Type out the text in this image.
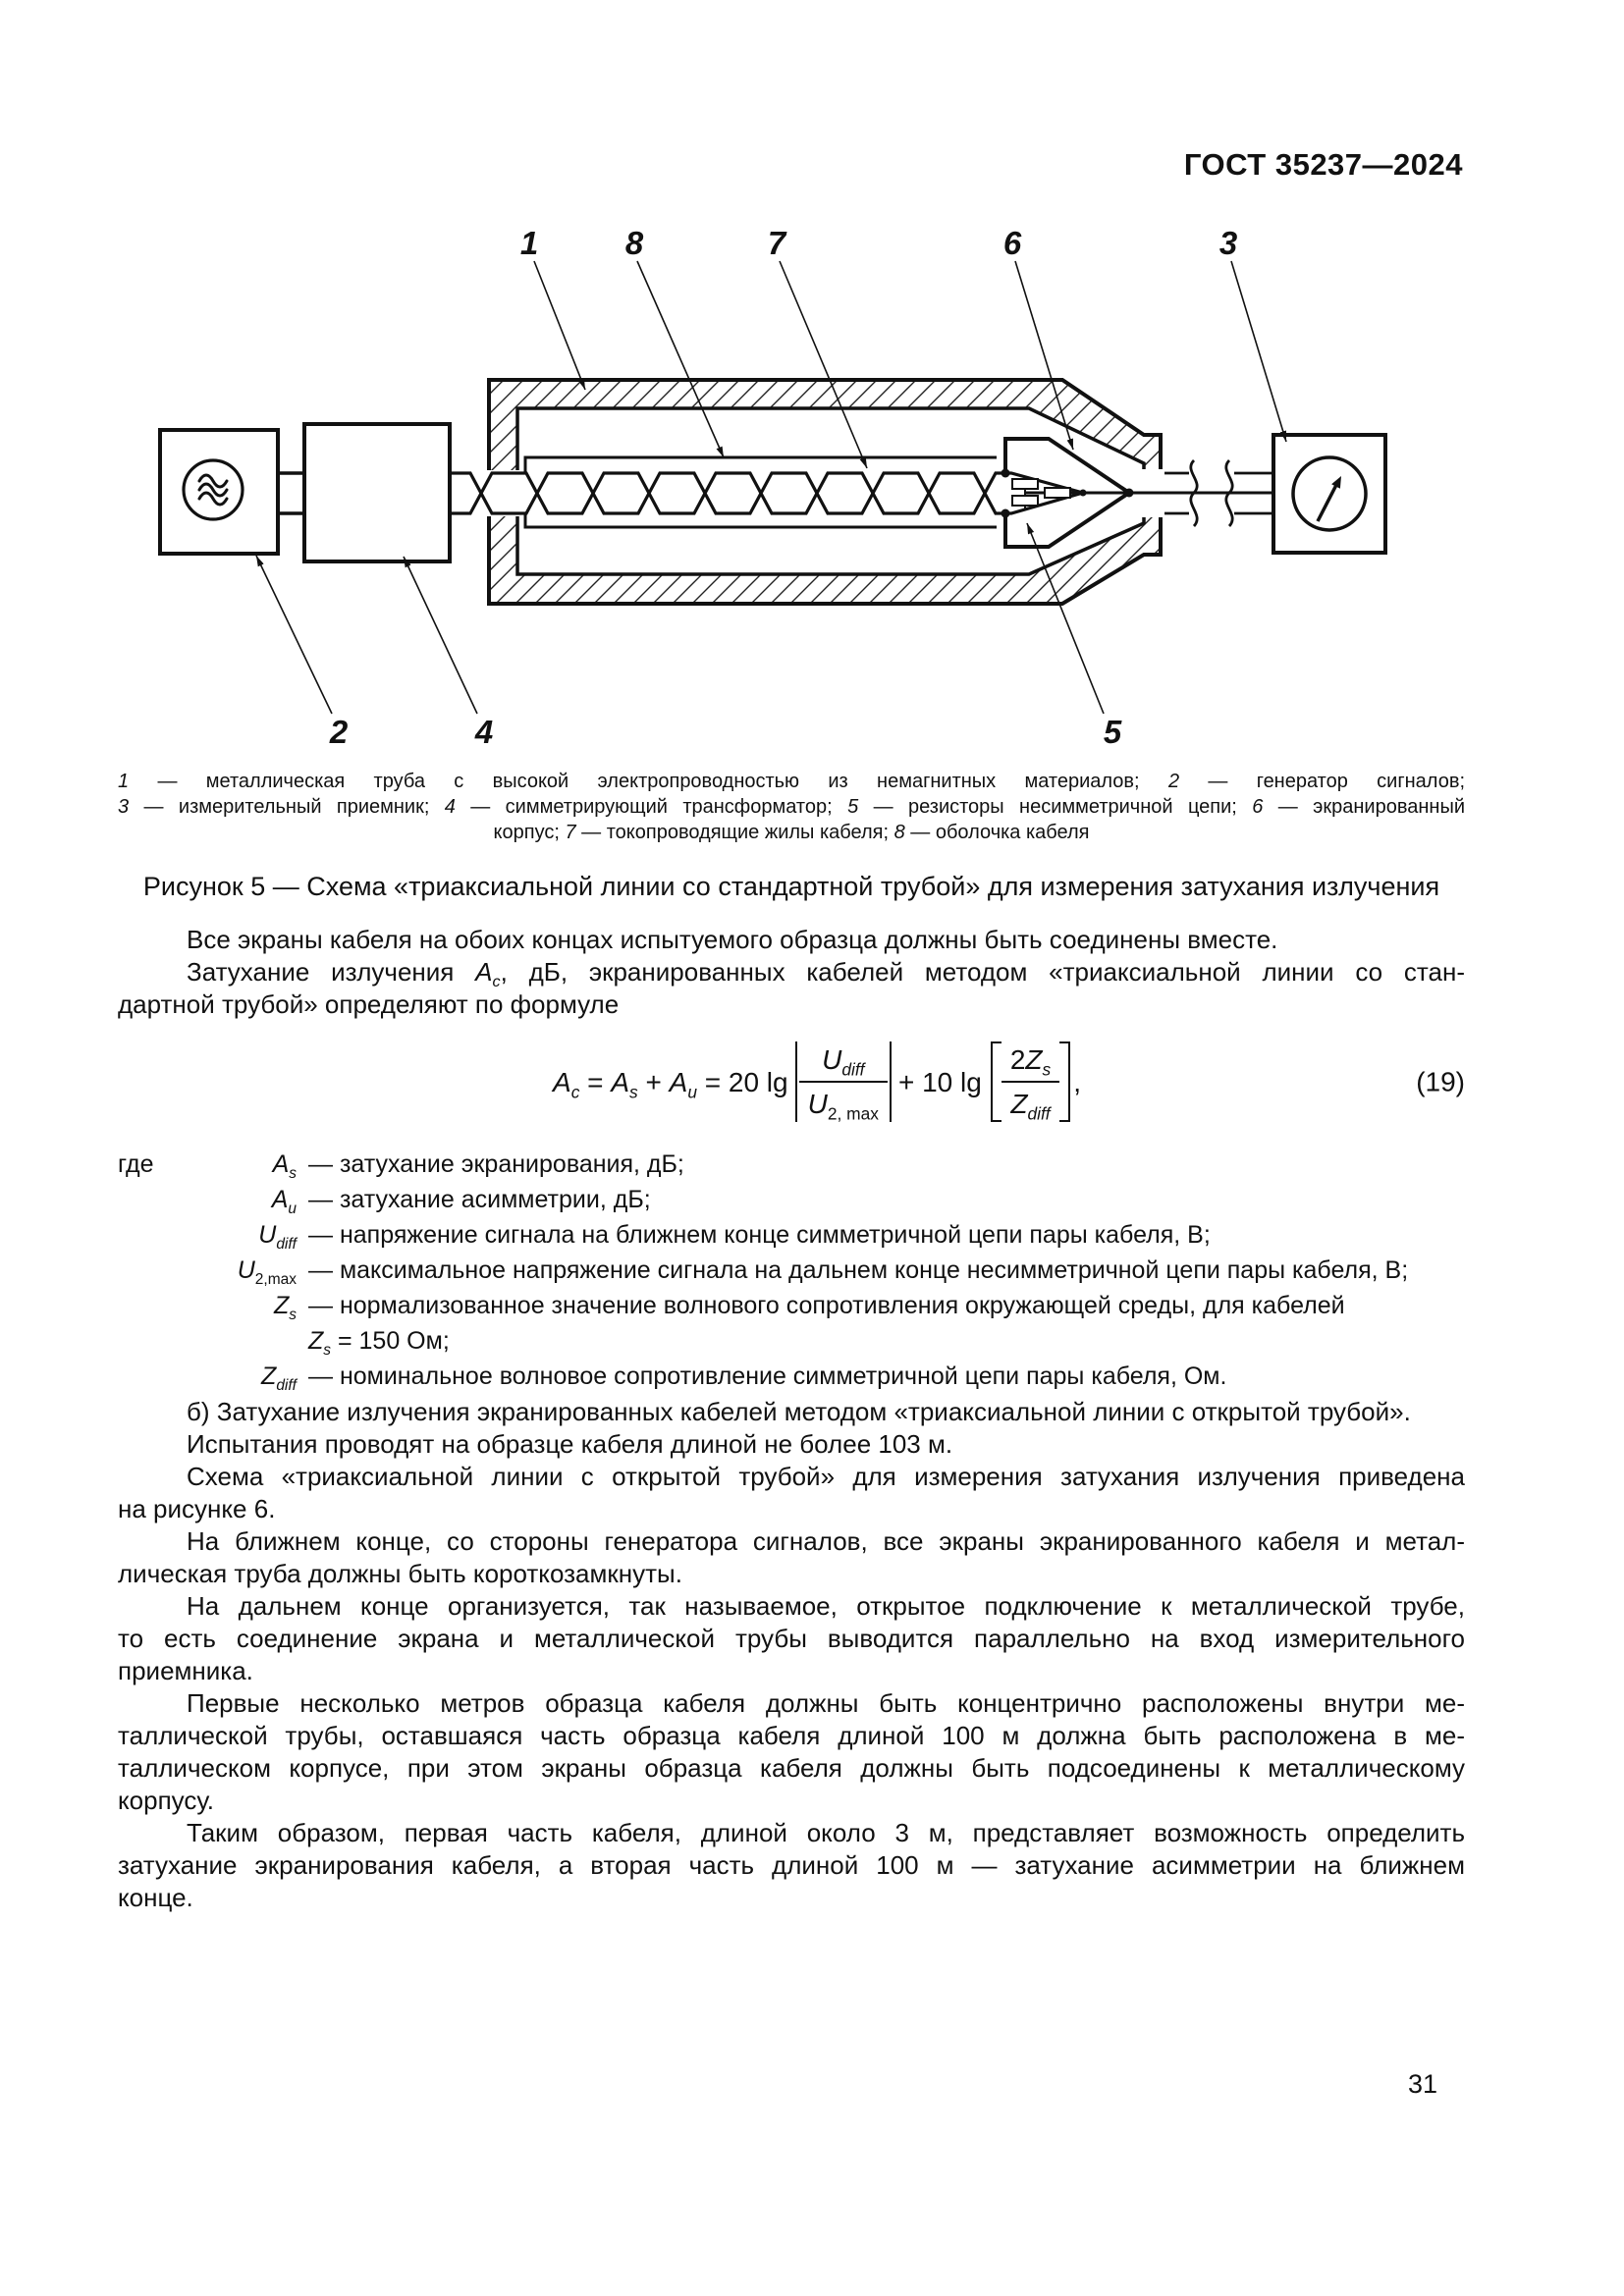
ГОСТ 35237—2024
1	8	7	6	3
2	4	5
1 — металлическая труба с высокой электропроводностью из немагнитных материалов; 2 — генератор сигналов;
3 — измерительный приемник; 4 — симметрирующий трансформатор; 5 — резисторы несимметричной цепи; 6 — экранированный
корпус; 7 — токопроводящие жилы кабеля; 8 — оболочка кабеля
Рисунок 5 — Схема «триаксиальной линии со стандартной трубой» для измерения затухания излучения
Все экраны кабеля на обоих концах испытуемого образца должны быть соединены вместе.
Затухание излучения $A_c$, дБ, экранированных кабелей методом «триаксиальной линии со стан-
дартной трубой» определяют по формуле
$A_c = A_s + A_u = 20$ $\lg \frac{U_{diff}}{U_{2, max}} + 10$ $\lg \frac{2Z_s}{Z_{diff}}$ ,	(19)
где	$A_s$ — затухание экранирования, дБ;
$A_u$ — затухание асимметрии, дБ;
$U_{diff}$ — напряжение сигнала на ближнем конце симметричной цепи пары кабеля, В;
$U_{2,max}$ — максимальное напряжение сигнала на дальнем конце несимметричной цепи пары кабеля, В;
$Z_s$ — нормализованное значение волнового сопротивления окружающей среды, для кабелей
$Z_s = 150$ Ом;
$Z_{diff}$ — номинальное волновое сопротивление симметричной цепи пары кабеля, Ом.
б) Затухание излучения экранированных кабелей методом «триаксиальной линии с открытой трубой».
Испытания проводят на образце кабеля длиной не более 103 м.
Схема «триаксиальной линии с открытой трубой» для измерения затухания излучения приведена
на рисунке 6.
На ближнем конце, со стороны генератора сигналов, все экраны экранированного кабеля и метал-
лическая труба должны быть короткозамкнуты.
На дальнем конце организуется, так называемое, открытое подключение к металлической трубе,
то есть соединение экрана и металлической трубы выводится параллельно на вход измерительного
приемника.
Первые несколько метров образца кабеля должны быть концентрично расположены внутри ме-
таллической трубы, оставшаяся часть образца кабеля длиной 100 м должна быть расположена в ме-
таллическом корпусе, при этом экраны образца кабеля должны быть подсоединены к металлическому
корпусу.
Таким образом, первая часть кабеля, длиной около 3 м, представляет возможность определить
затухание экранирования кабеля, а вторая часть длиной 100 м — затухание асимметрии на ближнем
конце.
31
